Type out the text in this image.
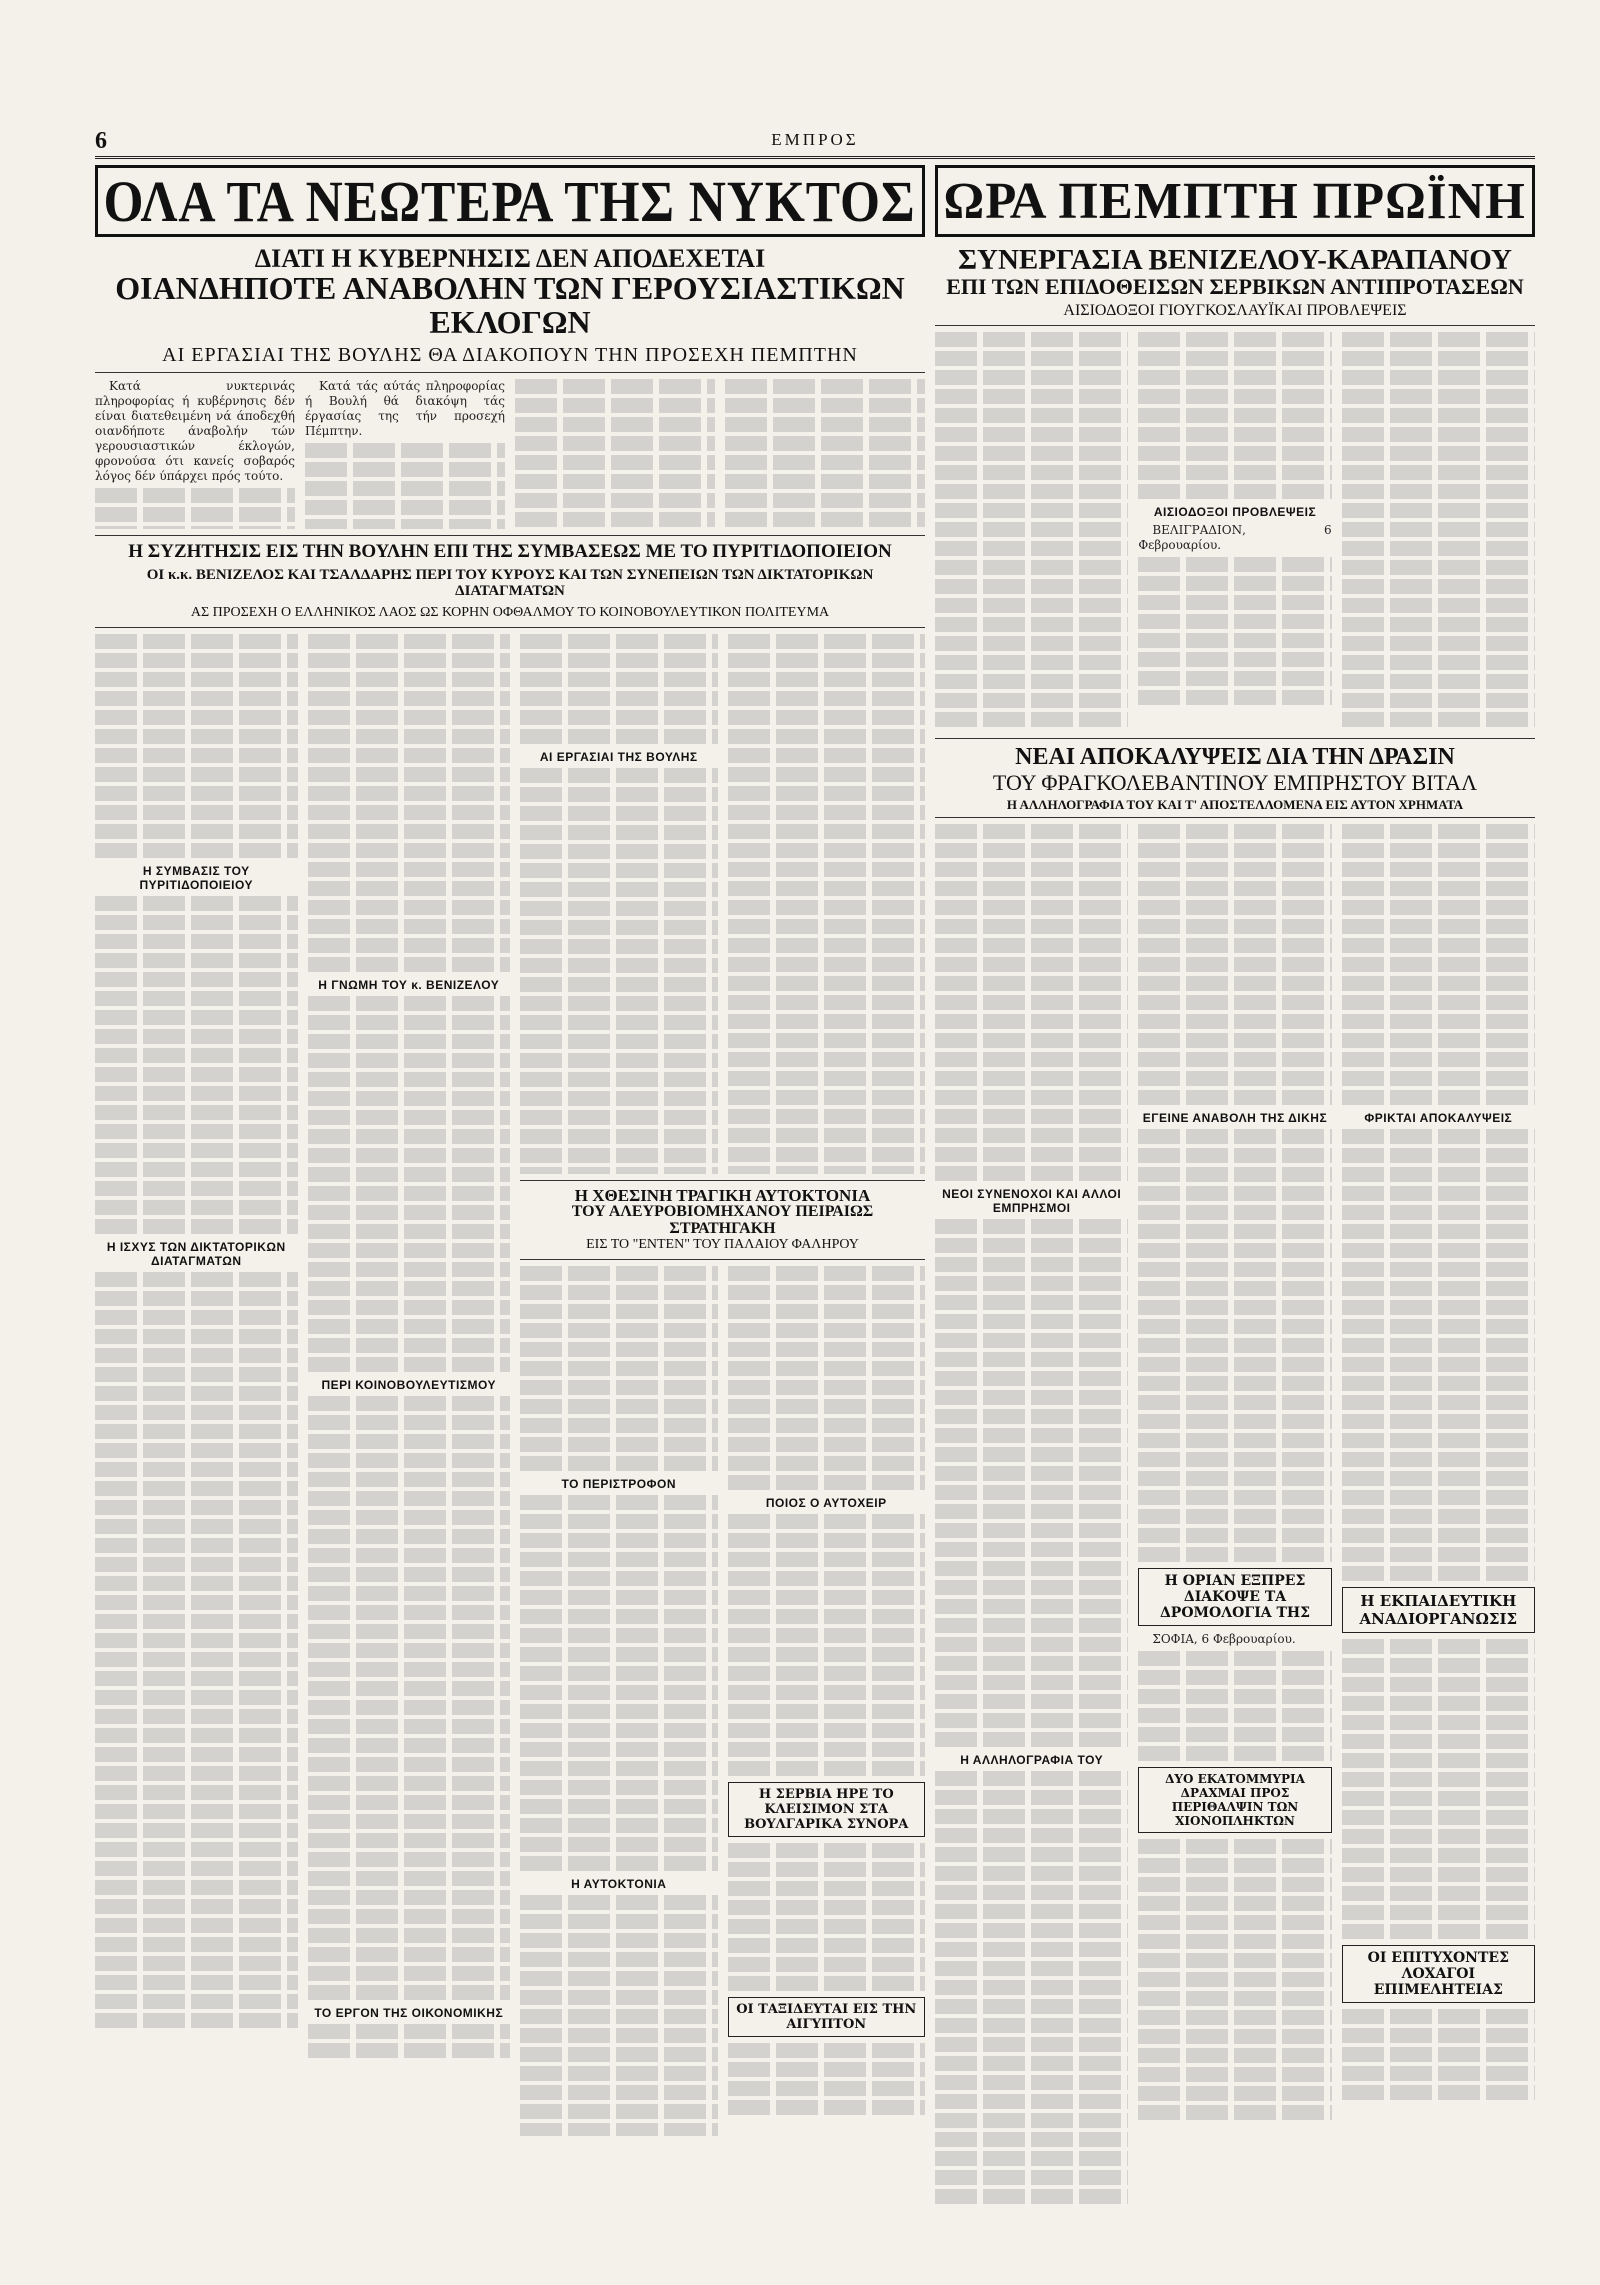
6	ΕΜΠΡΟΣ
ΟΛΑ ΤΑ ΝΕΩΤΕΡΑ ΤΗΣ ΝΥΚΤΟΣ
ΔΙΑΤΙ Η ΚΥΒΕΡΝΗΣΙΣ ΔΕΝ ΑΠΟΔΕΧΕΤΑΙ
ΟΙΑΝΔΗΠΟΤΕ ΑΝΑΒΟΛΗΝ ΤΩΝ ΓΕΡΟΥΣΙΑΣΤΙΚΩΝ ΕΚΛΟΓΩΝ
ΑΙ ΕΡΓΑΣΙΑΙ ΤΗΣ ΒΟΥΛΗΣ ΘΑ ΔΙΑΚΟΠΟΥΝ ΤΗΝ ΠΡΟΣΕΧΗ ΠΕΜΠΤΗΝ

Κατά νυκτερινάς πληροφορίας ή κυβέρνησις δέν είναι διατεθειμένη νά άποδεχθή οιανδήποτε άναβολήν τών γερουσιαστικών έκλογών, φρονούσα ότι κανείς σοβαρός λόγος δέν ύπάρχει πρός τούτο.

Κατά τάς αύτάς πληροφορίας ή Βουλή θά διακόψη τάς έργασίας της τήν προσεχή Πέμπτην.

Η ΣΥΖΗΤΗΣΙΣ ΕΙΣ ΤΗΝ ΒΟΥΛΗΝ ΕΠΙ ΤΗΣ ΣΥΜΒΑΣΕΩΣ ΜΕ ΤΟ ΠΥΡΙΤΙΔΟΠΟΙΕΙΟΝ
ΟΙ κ.κ. ΒΕΝΙΖΕΛΟΣ ΚΑΙ ΤΣΑΛΔΑΡΗΣ ΠΕΡΙ ΤΟΥ ΚΥΡΟΥΣ ΚΑΙ ΤΩΝ ΣΥΝΕΠΕΙΩΝ ΤΩΝ ΔΙΚΤΑΤΟΡΙΚΩΝ ΔΙΑΤΑΓΜΑΤΩΝ
ΑΣ ΠΡΟΣΕΧΗ Ο ΕΛΛΗΝΙΚΟΣ ΛΑΟΣ ΩΣ ΚΟΡΗΝ ΟΦΘΑΛΜΟΥ ΤΟ ΚΟΙΝΟΒΟΥΛΕΥΤΙΚΟΝ ΠΟΛΙΤΕΥΜΑ
Η ΣΥΜΒΑΣΙΣ ΤΟΥ ΠΥΡΙΤΙΔΟΠΟΙΕΙΟΥ
Η ΙΣΧΥΣ ΤΩΝ ΔΙΚΤΑΤΟΡΙΚΩΝ ΔΙΑΤΑΓΜΑΤΩΝ
Η ΓΝΩΜΗ ΤΟΥ κ. ΒΕΝΙΖΕΛΟΥ
ΠΕΡΙ ΚΟΙΝΟΒΟΥΛΕΥΤΙΣΜΟΥ
ΤΟ ΕΡΓΟΝ ΤΗΣ ΟΙΚΟΝΟΜΙΚΗΣ
ΑΙ ΕΡΓΑΣΙΑΙ ΤΗΣ ΒΟΥΛΗΣ
Η ΧΘΕΣΙΝΗ ΤΡΑΓΙΚΗ ΑΥΤΟΚΤΟΝΙΑ
ΤΟΥ ΑΛΕΥΡΟΒΙΟΜΗΧΑΝΟΥ ΠΕΙΡΑΙΩΣ ΣΤΡΑΤΗΓΑΚΗ
ΕΙΣ ΤΟ "ΕΝΤΕΝ" ΤΟΥ ΠΑΛΑΙΟΥ ΦΑΛΗΡΟΥ
ΤΟ ΠΕΡΙΣΤΡΟΦΟΝ
Η ΑΥΤΟΚΤΟΝΙΑ
ΠΟΙΟΣ Ο ΑΥΤΟΧΕΙΡ
Η ΣΕΡΒΙΑ ΗΡΕ ΤΟ ΚΛΕΙΣΙΜΟΝ ΣΤΑ ΒΟΥΛΓΑΡΙΚΑ ΣΥΝΟΡΑ
ΟΙ ΤΑΞΙΔΕΥΤΑΙ ΕΙΣ ΤΗΝ ΑΙΓΥΠΤΟΝ
ΩΡΑ ΠΕΜΠΤΗ ΠΡΩΪΝΗ
ΣΥΝΕΡΓΑΣΙΑ ΒΕΝΙΖΕΛΟΥ-ΚΑΡΑΠΑΝΟΥ
ΕΠΙ ΤΩΝ ΕΠΙΔΟΘΕΙΣΩΝ ΣΕΡΒΙΚΩΝ ΑΝΤΙΠΡΟΤΑΣΕΩΝ
ΑΙΣΙΟΔΟΞΟΙ ΓΙΟΥΓΚΟΣΛΑΥΪΚΑΙ ΠΡΟΒΛΕΨΕΙΣ
ΑΙΣΙΟΔΟΞΟΙ ΠΡΟΒΛΕΨΕΙΣ

ΒΕΛΙΓΡΑΔΙΟΝ, 6 Φεβρουαρίου.

ΝΕΑΙ ΑΠΟΚΑΛΥΨΕΙΣ ΔΙΑ ΤΗΝ ΔΡΑΣΙΝ
ΤΟΥ ΦΡΑΓΚΟΛΕΒΑΝΤΙΝΟΥ ΕΜΠΡΗΣΤΟΥ ΒΙΤΑΛ
Η ΑΛΛΗΛΟΓΡΑΦΙΑ ΤΟΥ ΚΑΙ Τ' ΑΠΟΣΤΕΛΛΟΜΕΝΑ ΕΙΣ ΑΥΤΟΝ ΧΡΗΜΑΤΑ
ΝΕΟΙ ΣΥΝΕΝΟΧΟΙ ΚΑΙ ΑΛΛΟΙ ΕΜΠΡΗΣΜΟΙ
Η ΑΛΛΗΛΟΓΡΑΦΙΑ ΤΟΥ
ΕΓΕΙΝΕ ΑΝΑΒΟΛΗ ΤΗΣ ΔΙΚΗΣ
Η ΟΡΙΑΝ ΕΞΠΡΕΣ ΔΙΑΚΟΨΕ ΤΑ ΔΡΟΜΟΛΟΓΙΑ ΤΗΣ

ΣΟΦΙΑ, 6 Φεβρουαρίου.

ΔΥΟ ΕΚΑΤΟΜΜΥΡΙΑ ΔΡΑΧΜΑΙ ΠΡΟΣ ΠΕΡΙΘΑΛΨΙΝ ΤΩΝ ΧΙΟΝΟΠΛΗΚΤΩΝ
ΦΡΙΚΤΑΙ ΑΠΟΚΑΛΥΨΕΙΣ
Η ΕΚΠΑΙΔΕΥΤΙΚΗ ΑΝΑΔΙΟΡΓΑΝΩΣΙΣ
ΟΙ ΕΠΙΤΥΧΟΝΤΕΣ ΛΟΧΑΓΟΙ ΕΠΙΜΕΛΗΤΕΙΑΣ
